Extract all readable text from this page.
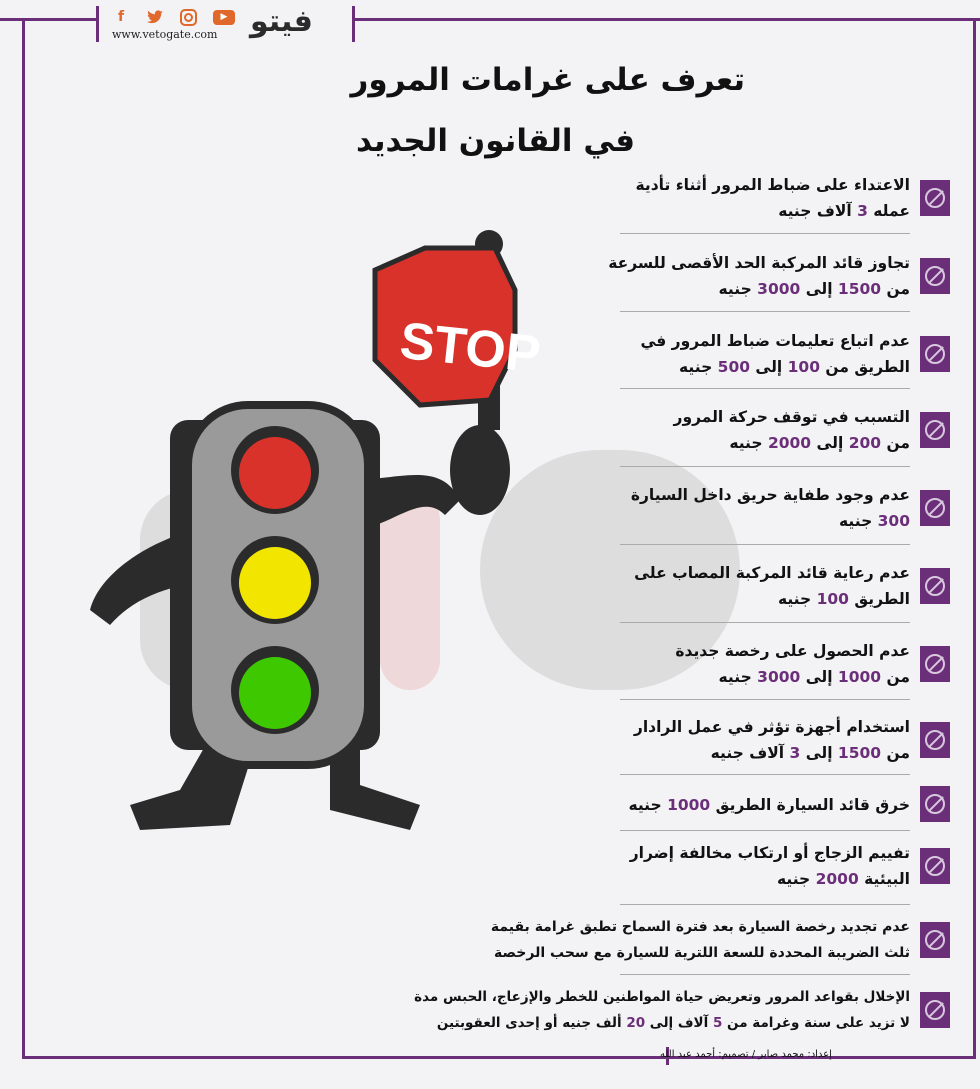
f	▶
www.vetogate.com فيتو
تعرف على غرامات المرور
في القانون الجديد
STOP
الاعتداء على ضباط المرور أثناء تأدية
عمله 3 آلاف جنيه
تجاوز قائد المركبة الحد الأقصى للسرعة
من 1500 إلى 3000 جنيه
عدم اتباع تعليمات ضباط المرور في
الطريق من 100 إلى 500 جنيه
التسبب في توقف حركة المرور
من 200 إلى 2000 جنيه
عدم وجود طفاية حريق داخل السيارة
300 جنيه
عدم رعاية قائد المركبة المصاب على
الطريق 100 جنيه
عدم الحصول على رخصة جديدة
من 1000 إلى 3000 جنيه
استخدام أجهزة تؤثر في عمل الرادار
من 1500 إلى 3 آلاف جنيه
خرق قائد السيارة الطريق 1000 جنيه
تفييم الزجاج أو ارتكاب مخالفة إضرار
البيئية 2000 جنيه
عدم تجديد رخصة السيارة بعد فترة السماح تطبق غرامة بقيمة
ثلث الضريبة المحددة للسعة اللترية للسيارة مع سحب الرخصة
الإخلال بقواعد المرور وتعريض حياة المواطنين للخطر والإزعاج، الحبس مدة
لا تزيد على سنة وغرامة من 5 آلاف إلى 20 ألف جنيه أو إحدى العقوبتين
إعداد: محمد صابر / تصميم: أحمد عبد الله
